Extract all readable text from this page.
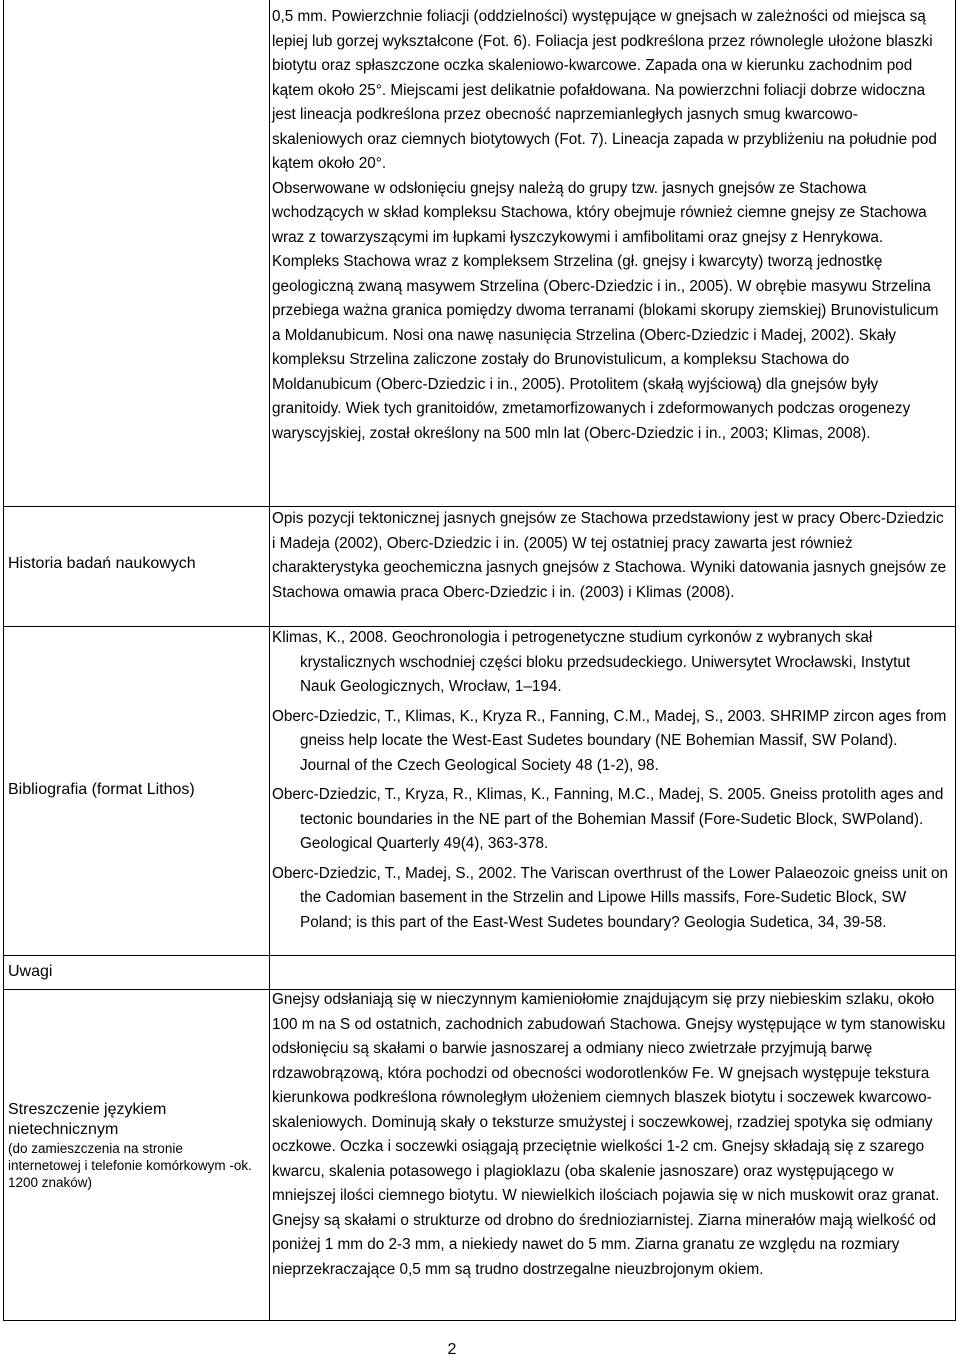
Historia badań naukowych
Bibliografia (format Lithos)
Uwagi
Streszczenie językiem nietechnicznym
(do zamieszczenia na stronie internetowej i telefonie komórkowym -ok. 1200 znaków)

0,5 mm. Powierzchnie foliacji (oddzielności) występujące w gnejsach w zależności od miejsca są lepiej lub gorzej wykształcone (Fot. 6). Foliacja jest podkreślona przez równolegle ułożone blaszki biotytu oraz spłaszczone oczka skaleniowo-kwarcowe. Zapada ona w kierunku zachodnim pod kątem około 25°. Miejscami jest delikatnie pofałdowana. Na powierzchni foliacji dobrze widoczna jest lineacja podkreślona przez obecność naprzemianległych jasnych smug kwarcowo-skaleniowych oraz ciemnych biotytowych (Fot. 7). Lineacja zapada w przybliżeniu na południe pod kątem około 20°.

Obserwowane w odsłonięciu gnejsy należą do grupy tzw. jasnych gnejsów ze Stachowa wchodzących w skład kompleksu Stachowa, który obejmuje również ciemne gnejsy ze Stachowa wraz z towarzyszącymi im łupkami łyszczykowymi i amfibolitami oraz gnejsy z Henrykowa. Kompleks Stachowa wraz z kompleksem Strzelina (gł. gnejsy i kwarcyty) tworzą jednostkę geologiczną zwaną masywem Strzelina (Oberc-Dziedzic i in., 2005). W obrębie masywu Strzelina przebiega ważna granica pomiędzy dwoma terranami (blokami skorupy ziemskiej) Brunovistulicum a Moldanubicum. Nosi ona nawę nasunięcia Strzelina (Oberc-Dziedzic i Madej, 2002). Skały kompleksu Strzelina zaliczone zostały do Brunovistulicum, a kompleksu Stachowa do Moldanubicum (Oberc-Dziedzic i in., 2005). Protolitem (skałą wyjściową) dla gnejsów były granitoidy. Wiek tych granitoidów, zmetamorfizowanych i zdeformowanych podczas orogenezy waryscyjskiej, został określony na 500 mln lat (Oberc-Dziedzic i in., 2003; Klimas, 2008).

Opis pozycji tektonicznej jasnych gnejsów ze Stachowa przedstawiony jest w pracy Oberc-Dziedzic i Madeja (2002), Oberc-Dziedzic i in. (2005) W tej ostatniej pracy zawarta jest również charakterystyka geochemiczna jasnych gnejsów z Stachowa. Wyniki datowania jasnych gnejsów ze Stachowa omawia praca Oberc-Dziedzic i in. (2003) i Klimas (2008).
Klimas, K., 2008. Geochronologia i petrogenetyczne studium cyrkonów z wybranych skał krystalicznych wschodniej części bloku przedsudeckiego. Uniwersytet Wrocławski, Instytut Nauk Geologicznych, Wrocław, 1–194.
Oberc-Dziedzic, T., Klimas, K., Kryza R., Fanning, C.M., Madej, S., 2003. SHRIMP zircon ages from gneiss help locate the West-East Sudetes boundary (NE Bohemian Massif, SW Poland). Journal of the Czech Geological Society 48 (1-2), 98.
Oberc-Dziedzic, T., Kryza, R., Klimas, K., Fanning, M.C., Madej, S. 2005. Gneiss protolith ages and tectonic boundaries in the NE part of the Bohemian Massif (Fore-Sudetic Block, SWPoland). Geological Quarterly 49(4), 363-378.
Oberc-Dziedzic, T., Madej, S., 2002. The Variscan overthrust of the Lower Palaeozoic gneiss unit on the Cadomian basement in the Strzelin and Lipowe Hills massifs, Fore-Sudetic Block, SW Poland; is this part of the East-West Sudetes boundary? Geologia Sudetica, 34, 39-58.
Gnejsy odsłaniają się w nieczynnym kamieniołomie znajdującym się przy niebieskim szlaku, około 100 m na S od ostatnich, zachodnich zabudowań Stachowa. Gnejsy występujące w tym stanowisku odsłonięciu są skałami o barwie jasnoszarej a odmiany nieco zwietrzałe przyjmują barwę rdzawobrązową, która pochodzi od obecności wodorotlenków Fe. W gnejsach występuje tekstura kierunkowa podkreślona równoległym ułożeniem ciemnych blaszek biotytu i soczewek kwarcowo-skaleniowych. Dominują skały o teksturze smużystej i soczewkowej, rzadziej spotyka się odmiany oczkowe. Oczka i soczewki osiągają przeciętnie wielkości 1-2 cm. Gnejsy składają się z szarego kwarcu, skalenia potasowego i plagioklazu (oba skalenie jasnoszare) oraz występującego w mniejszej ilości ciemnego biotytu. W niewielkich ilościach pojawia się w nich muskowit oraz granat. Gnejsy są skałami o strukturze od drobno do średnioziarnistej. Ziarna minerałów mają wielkość od poniżej 1 mm do 2-3 mm, a niekiedy nawet do 5 mm. Ziarna granatu ze względu na rozmiary nieprzekraczające 0,5 mm są trudno dostrzegalne nieuzbrojonym okiem.
2
